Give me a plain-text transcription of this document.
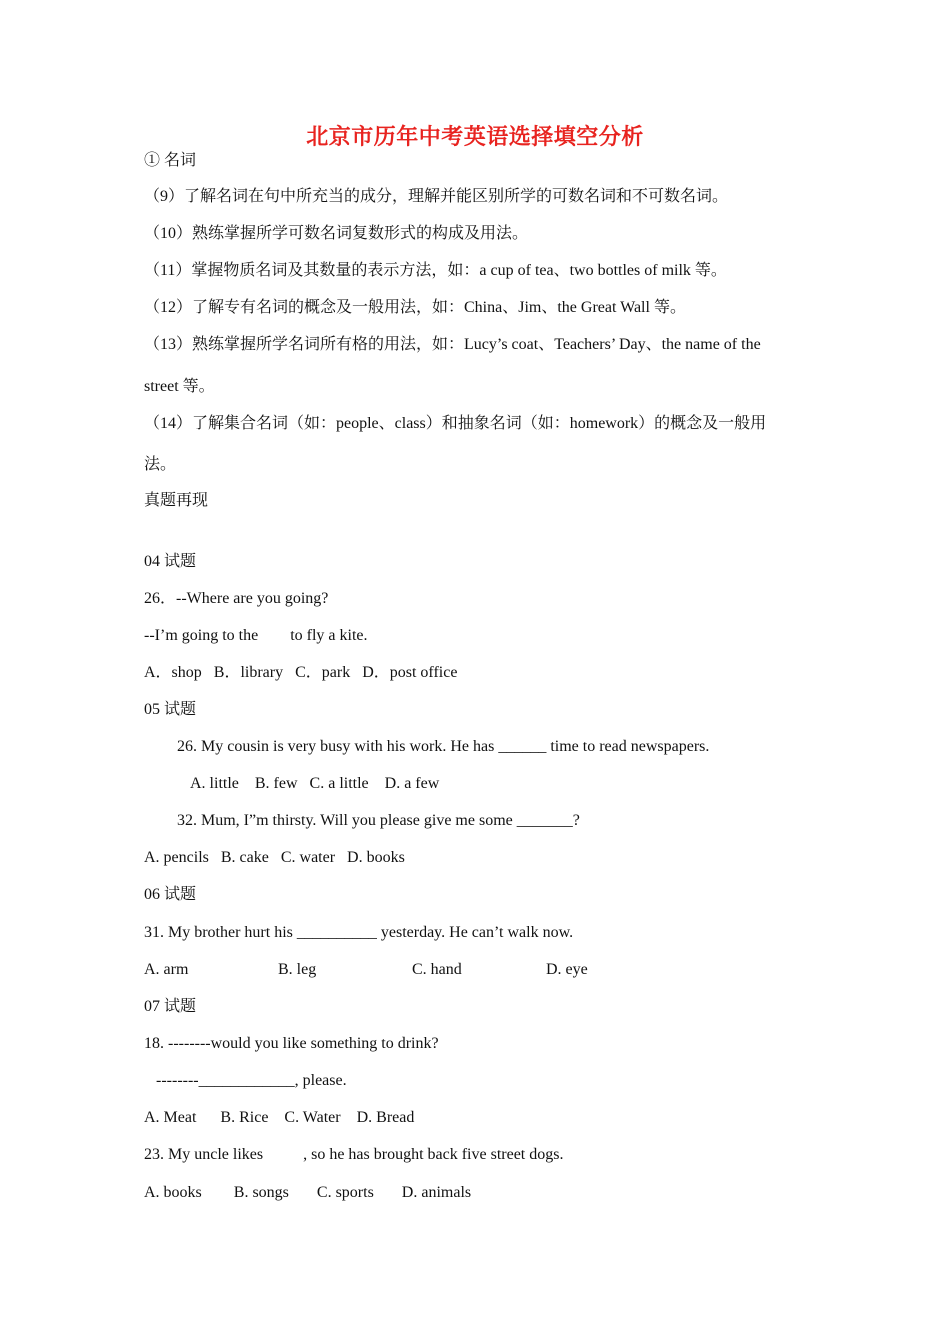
北京市历年中考英语选择填空分析
① 名词
（9）了解名词在句中所充当的成分，理解并能区别所学的可数名词和不可数名词。
（10）熟练掌握所学可数名词复数形式的构成及用法。
（11）掌握物质名词及其数量的表示方法，如：a cup of tea、two bottles of milk 等。
（12）了解专有名词的概念及一般用法，如：China、Jim、the Great Wall 等。
（13）熟练掌握所学名词所有格的用法，如：Lucy’s coat、Teachers’ Day、the name of the
street 等。
（14）了解集合名词（如：people、class）和抽象名词（如：homework）的概念及一般用
法。
真题再现
04 试题
26．--Where are you going?
--I’m going to the        to fly a kite.
A．shop   B．library   C．park   D．post office
05 试题
26. My cousin is very busy with his work. He has ______ time to read newspapers.
A. little    B. few   C. a little    D. a few
32. Mum, I”m thirsty. Will you please give me some _______?
A. pencils   B. cake   C. water   D. books
06 试题
31. My brother hurt his __________ yesterday. He can’t walk now.
A. arm	B. leg	C. hand	D. eye
07 试题
18. --------would you like something to drink?
--------____________, please.
A. Meat      B. Rice    C. Water    D. Bread
23. My uncle likes          , so he has brought back five street dogs.
A. books        B. songs       C. sports       D. animals
